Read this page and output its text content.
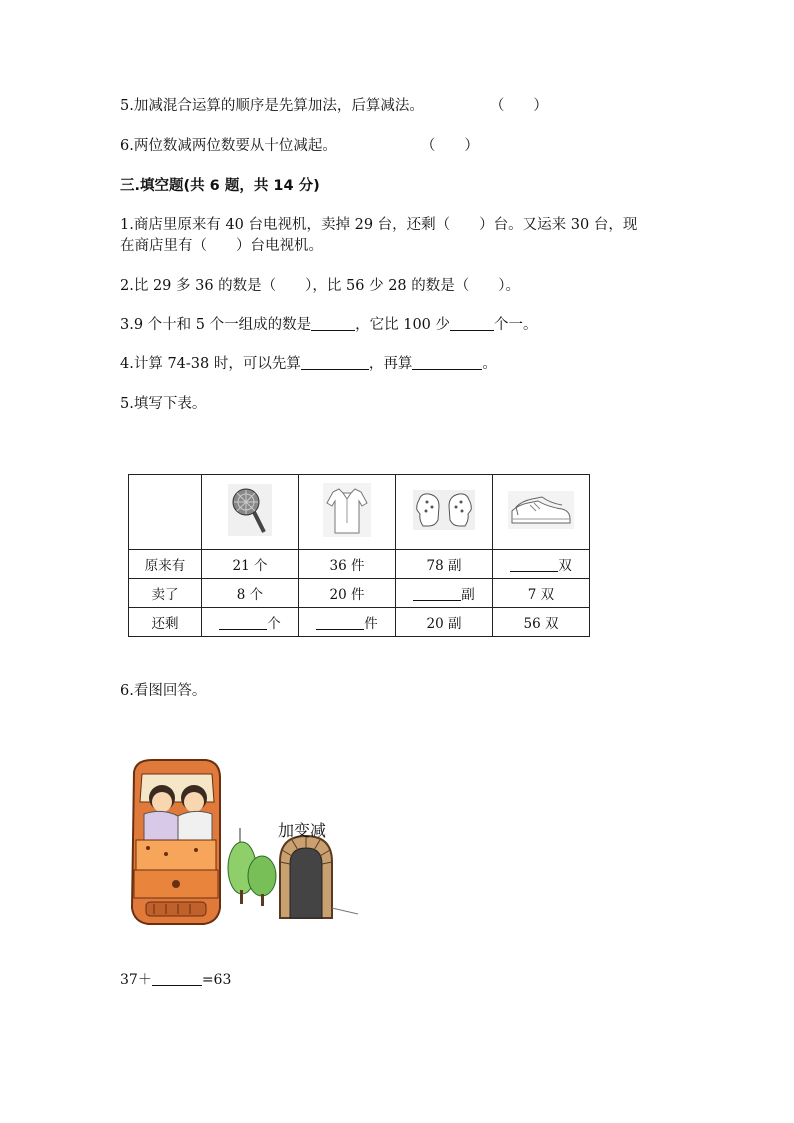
5.加减混合运算的顺序是先算加法，后算减法。	（　　）
6.两位数减两位数要从十位减起。	（　　）
三.填空题(共 6 题，共 14 分)
1.商店里原来有 40 台电视机，卖掉 29 台，还剩（　　）台。又运来 30 台，现
在商店里有（　　）台电视机。
2.比 29 多 36 的数是（　　），比 56 少 28 的数是（　　）。
3.9 个十和 5 个一组成的数是	，它比 100 少	个一。
4.计算 74-38 时，可以先算	，再算	。
5.填写下表。

原来有	21 个	36 件	78 副	双
卖了	8 个	20 件	副	7 双
还剩	个	件	20 副	56 双
6.看图回答。
加变减
37＋	=63
